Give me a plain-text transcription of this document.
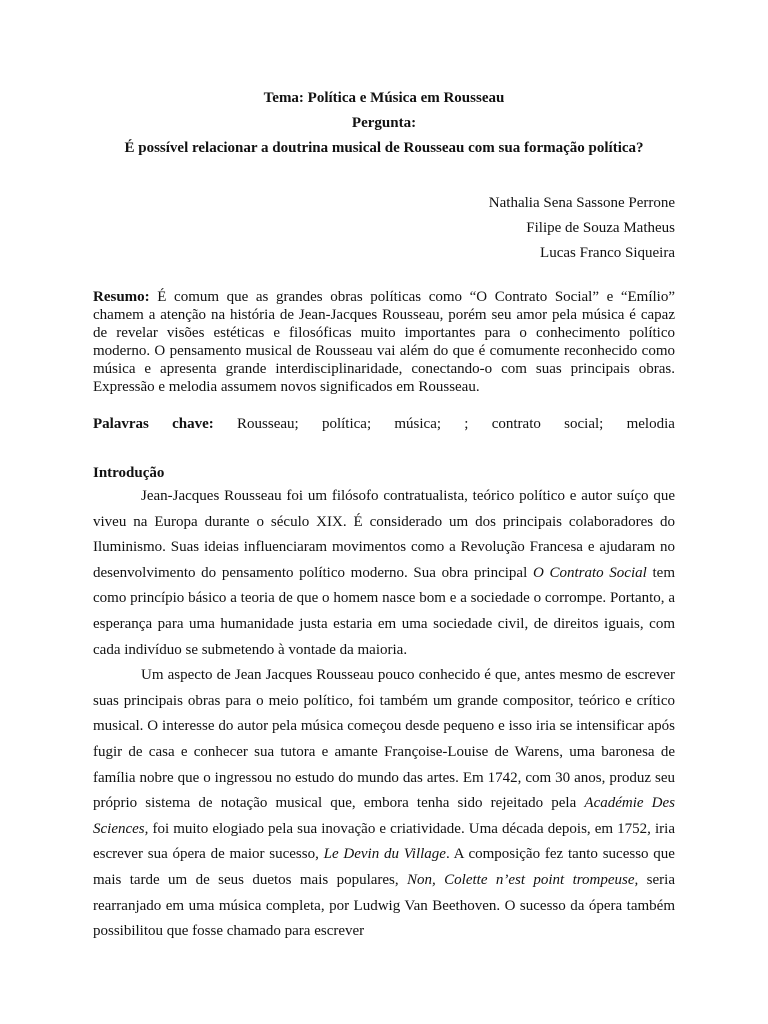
Tema: Política e Música em Rousseau
Pergunta:
É possível relacionar a doutrina musical de Rousseau com sua formação política?
Nathalia Sena Sassone Perrone
Filipe de Souza Matheus
Lucas Franco Siqueira
Resumo: É comum que as grandes obras políticas como “O Contrato Social” e “Emílio” chamem a atenção na história de Jean-Jacques Rousseau, porém seu amor pela música é capaz de revelar visões estéticas e filosóficas muito importantes para o conhecimento político moderno. O pensamento musical de Rousseau vai além do que é comumente reconhecido como música e apresenta grande interdisciplinaridade, conectando-o com suas principais obras. Expressão e melodia assumem novos significados em Rousseau.
Palavras chave: Rousseau; política; música; ; contrato social; melodia
Introdução

Jean-Jacques Rousseau foi um filósofo contratualista, teórico político e autor suíço que viveu na Europa durante o século XIX. É considerado um dos principais colaboradores do Iluminismo. Suas ideias influenciaram movimentos como a Revolução Francesa e ajudaram no desenvolvimento do pensamento político moderno. Sua obra principal O Contrato Social tem como princípio básico a teoria de que o homem nasce bom e a sociedade o corrompe. Portanto, a esperança para uma humanidade justa estaria em uma sociedade civil, de direitos iguais, com cada indivíduo se submetendo à vontade da maioria.

Um aspecto de Jean Jacques Rousseau pouco conhecido é que, antes mesmo de escrever suas principais obras para o meio político, foi também um grande compositor, teórico e crítico musical. O interesse do autor pela música começou desde pequeno e isso iria se intensificar após fugir de casa e conhecer sua tutora e amante Françoise-Louise de Warens, uma baronesa de família nobre que o ingressou no estudo do mundo das artes. Em 1742, com 30 anos, produz seu próprio sistema de notação musical que, embora tenha sido rejeitado pela Académie Des Sciences, foi muito elogiado pela sua inovação e criatividade. Uma década depois, em 1752, iria escrever sua ópera de maior sucesso, Le Devin du Village. A composição fez tanto sucesso que mais tarde um de seus duetos mais populares, Non, Colette n’est point trompeuse, seria rearranjado em uma música completa, por Ludwig Van Beethoven. O sucesso da ópera também possibilitou que fosse chamado para escrever
